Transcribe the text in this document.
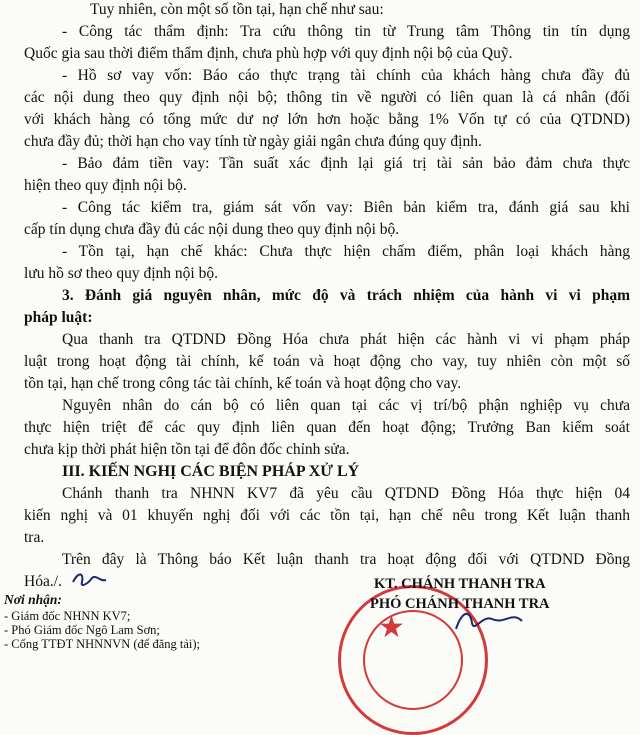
Tuy nhiên, còn một số tồn tại, hạn chế như sau:
- Công tác thẩm định: Tra cứu thông tin từ Trung tâm Thông tin tín dụng
Quốc gia sau thời điểm thẩm định, chưa phù hợp với quy định nội bộ của Quỹ.
- Hồ sơ vay vốn: Báo cáo thực trạng tài chính của khách hàng chưa đầy đủ
các nội dung theo quy định nội bộ; thông tin về người có liên quan là cá nhân (đối
với khách hàng có tổng mức dư nợ lớn hơn hoặc bằng 1% Vốn tự có của QTDND)
chưa đầy đủ; thời hạn cho vay tính từ ngày giải ngân chưa đúng quy định.
- Bảo đảm tiền vay: Tần suất xác định lại giá trị tài sản bảo đảm chưa thực
hiện theo quy định nội bộ.
- Công tác kiểm tra, giám sát vốn vay: Biên bản kiểm tra, đánh giá sau khi
cấp tín dụng chưa đầy đủ các nội dung theo quy định nội bộ.
- Tồn tại, hạn chế khác: Chưa thực hiện chấm điểm, phân loại khách hàng
lưu hồ sơ theo quy định nội bộ.
3. Đánh giá nguyên nhân, mức độ và trách nhiệm của hành vi vi phạm
pháp luật:
Qua thanh tra QTDND Đồng Hóa chưa phát hiện các hành vi vi phạm pháp
luật trong hoạt động tài chính, kế toán và hoạt động cho vay, tuy nhiên còn một số
tồn tại, hạn chế trong công tác tài chính, kế toán và hoạt động cho vay.
Nguyên nhân do cán bộ có liên quan tại các vị trí/bộ phận nghiệp vụ chưa
thực hiện triệt để các quy định liên quan đến hoạt động; Trưởng Ban kiểm soát
chưa kịp thời phát hiện tồn tại để đôn đốc chỉnh sửa.
III. KIẾN NGHỊ CÁC BIỆN PHÁP XỬ LÝ
Chánh thanh tra NHNN KV7 đã yêu cầu QTDND Đồng Hóa thực hiện 04
kiến nghị và 01 khuyến nghị đối với các tồn tại, hạn chế nêu trong Kết luận thanh
tra.
Trên đây là Thông báo Kết luận thanh tra hoạt động đối với QTDND Đồng
Hóa./.
Nơi nhận:
- Giám đốc NHNN KV7;
- Phó Giám đốc Ngô Lam Sơn;
- Cổng TTĐT NHNNVN (để đăng tải);	★
KT. CHÁNH THANH TRA
PHÓ CHÁNH THANH TRA
